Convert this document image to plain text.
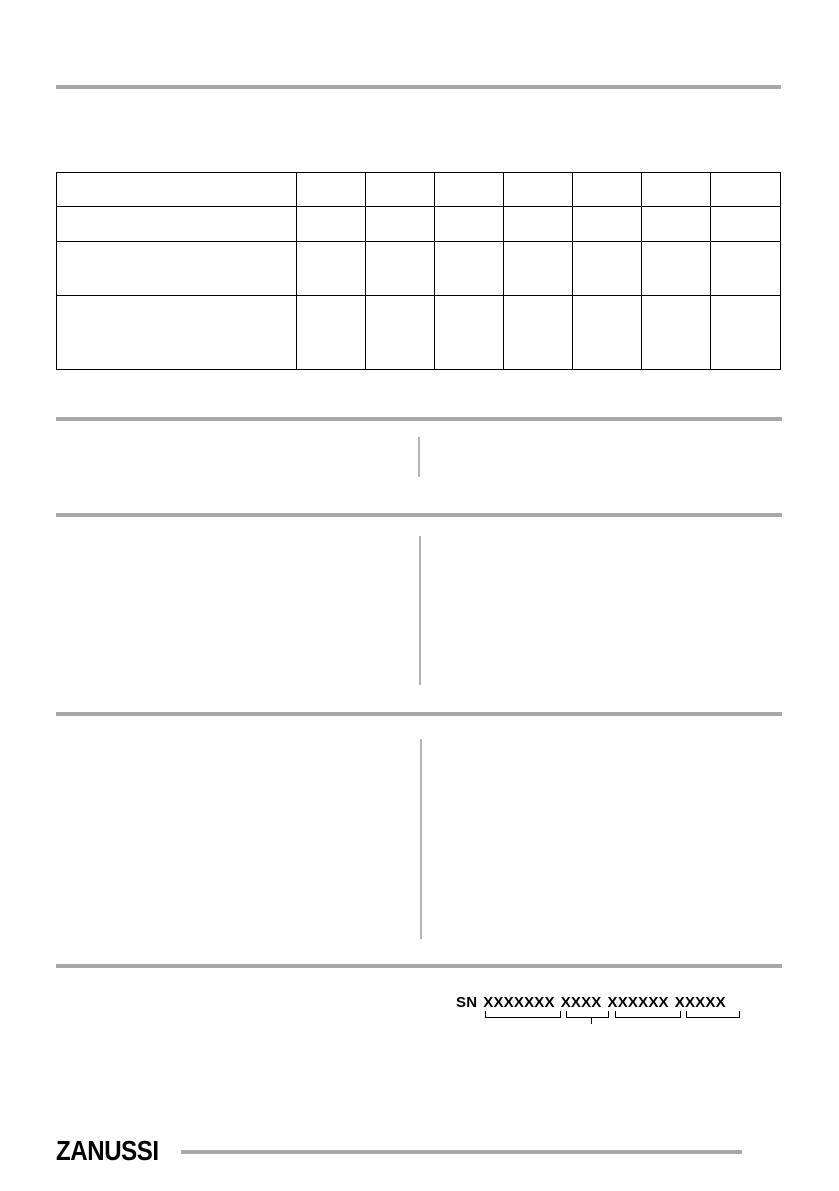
SN XXXXXXX XXXX XXXXXX XXXXX
ZANUSSI
